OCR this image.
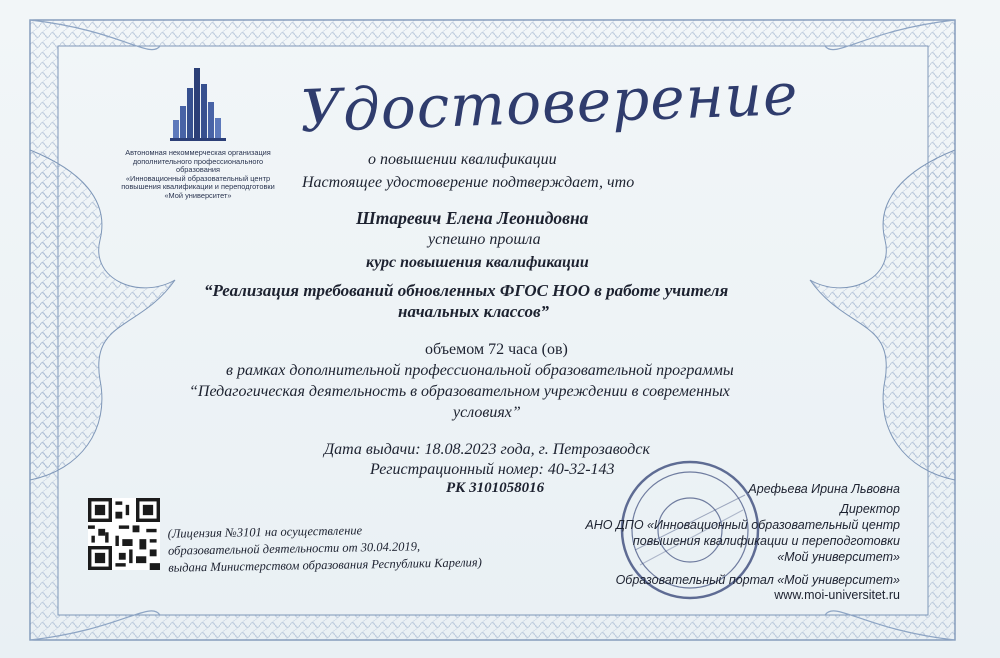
Автономная некоммерческая организация
дополнительного профессионального образования
«Инновационный образовательный центр
повышения квалификации и переподготовки
«Мой университет»
Удостоверение
о повышении квалификации
Настоящее удостоверение подтверждает, что
Штаревич Елена Леонидовна
успешно прошла
курс повышения квалификации
“Реализация требований обновленных ФГОС НОО в работе учителя
начальных классов”
объемом 72 часа (ов)
в рамках дополнительной профессиональной образовательной программы
“Педагогическая деятельность в образовательном учреждении в современных
условиях”
Дата выдачи: 18.08.2023 года, г. Петрозаводск
Регистрационный номер: 40-32-143
РК 3101058016
(Лицензия №3101 на осуществление
образовательной деятельности от 30.04.2019,
выдана Министерством образования Республики Карелия)
Арефьева Ирина Львовна
Директор
АНО ДПО «Инновационный образовательный центр
повышения квалификации и переподготовки
«Мой университет»
Образовательный портал «Мой университет»
www.moi-universitet.ru
